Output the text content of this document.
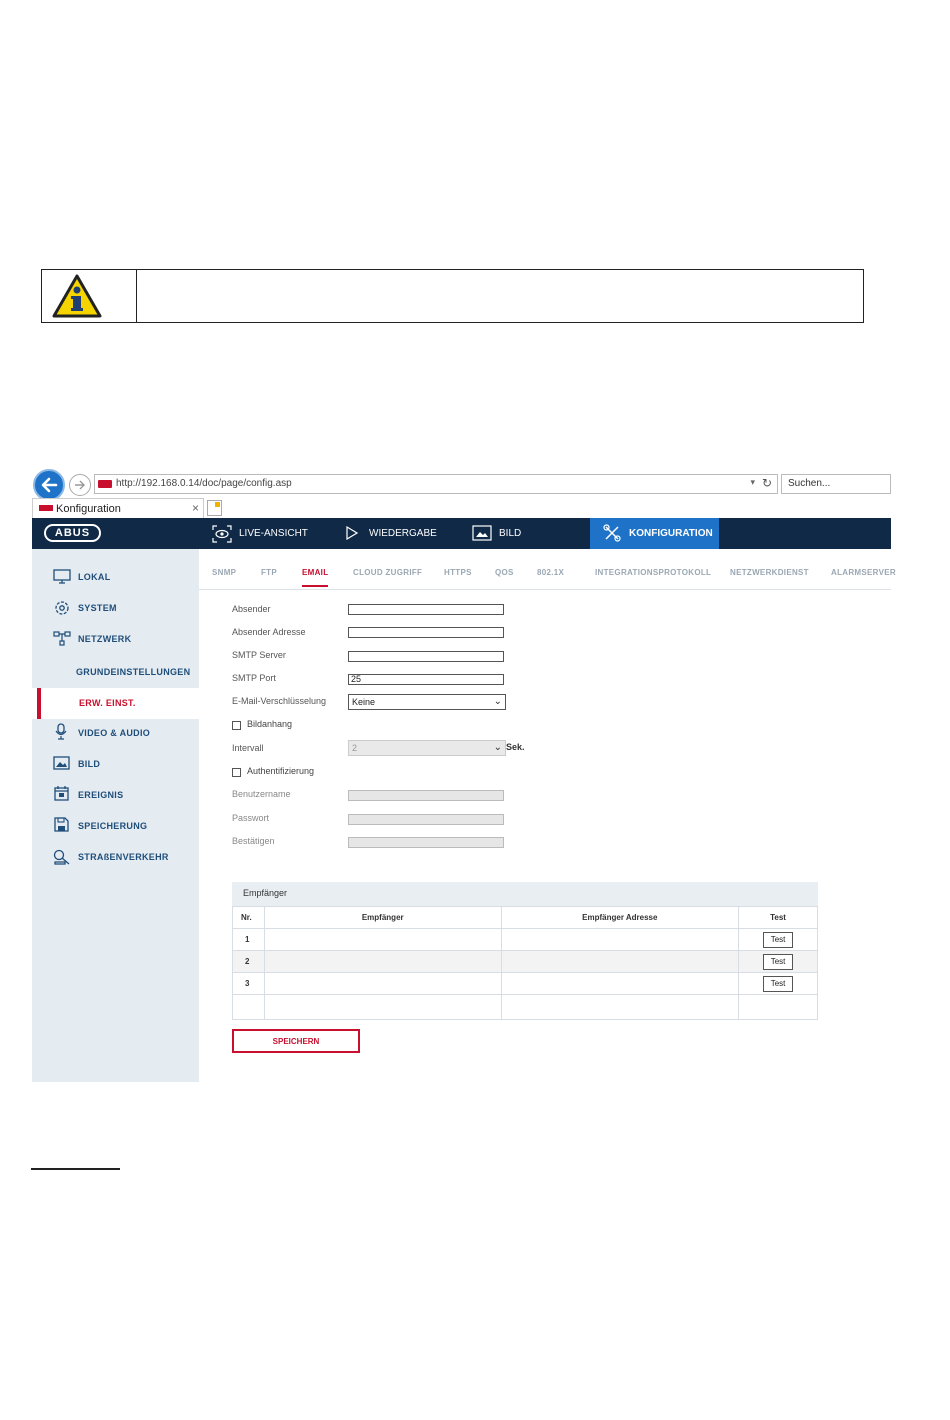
http://192.168.0.14/doc/page/config.asp	▾ ↻ Suchen...
Konfiguration	×
ABUS	LIVE-ANSICHT	WIEDERGABE	BILD	KONFIGURATION
LOKAL
SYSTEM
NETZWERK
GRUNDEINSTELLUNGEN
ERW. EINST.
VIDEO & AUDIO
BILD
EREIGNIS
SPEICHERUNG
STRAßENVERKEHR
SNMP	FTP	EMAIL	CLOUD ZUGRIFF	HTTPS	QOS	802.1X	INTEGRATIONSPROTOKOLL NETZWERKDIENST	ALARMSERVER
Absender
Absender Adresse
SMTP Server
SMTP Port	25
E-Mail-Verschlüsselung	Keine	⌄
Bildanhang
Intervall	2	⌄ Sek.
Authentifizierung
Benutzername
Passwort
Bestätigen
Empfänger
Nr.	Empfänger	Empfänger Adresse	Test
1			Test

2			Test

3			Test

SPEICHERN
